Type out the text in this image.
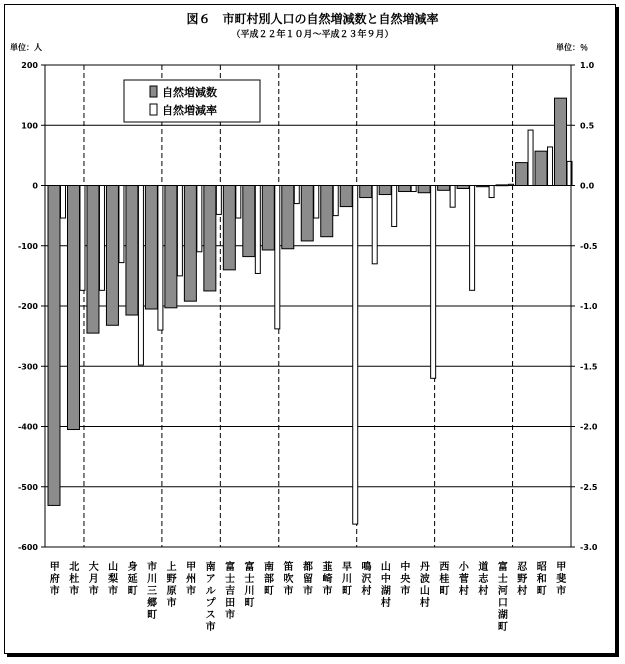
図６　市町村別人口の自然増減数と自然増減率
（平成２２年１０月～平成２３年９月）
単位：人	単位：％
200
100
0
-100
-200
-300
-400
-500
-600
1.0
0.5
0.0
-0.5
-1.0
-1.5
-2.0
-2.5
-3.0
甲府市
北杜市
大月市
山梨市
身延町
市川三郷町
上野原市
甲州市
南アルプス市
富士吉田市
富士川町
南部町
笛吹市
都留市
韮崎市
早川町
鳴沢村
山中湖村
中央市
丹波山村
西桂町
小菅村
道志村
富士河口湖町
忍野村
昭和町
甲斐市
自然増減数
自然増減率
